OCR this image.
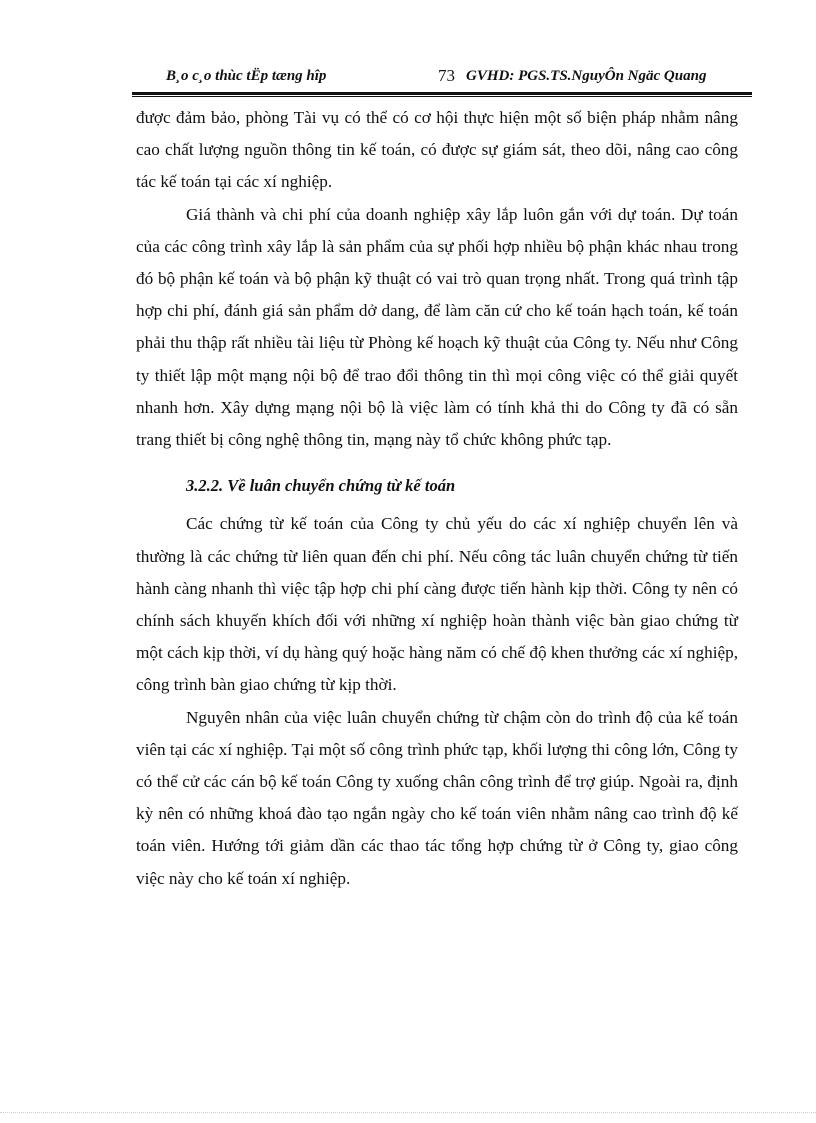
B¸o c¸o thùc tËp tæng hîp	73 GVHD: PGS.TS.NguyÔn Ngäc Quang

được đảm bảo, phòng Tài vụ có thể có cơ hội thực hiện một số biện pháp nhằm nâng cao chất lượng nguồn thông tin kế toán, có được sự giám sát, theo dõi, nâng cao công tác kế toán tại các xí nghiệp.

Giá thành và chi phí của doanh nghiệp xây lắp luôn gắn với dự toán. Dự toán của các công trình xây lắp là sản phẩm của sự phối hợp nhiều bộ phận khác nhau trong đó bộ phận kế toán và bộ phận kỹ thuật có vai trò quan trọng nhất. Trong quá trình tập hợp chi phí, đánh giá sản phẩm dở dang, để làm căn cứ cho kế toán hạch toán, kế toán phải thu thập rất nhiều tài liệu từ Phòng kế hoạch kỹ thuật của Công ty. Nếu như Công ty thiết lập một mạng nội bộ để trao đổi thông tin thì mọi công việc có thể giải quyết nhanh hơn. Xây dựng mạng nội bộ là việc làm có tính khả thi do Công ty đã có sẵn trang thiết bị công nghệ thông tin, mạng này tổ chức không phức tạp.

3.2.2. Về luân chuyển chứng từ kế toán

Các chứng từ kế toán của Công ty chủ yếu do các xí nghiệp chuyển lên và thường là các chứng từ liên quan đến chi phí. Nếu công tác luân chuyển chứng từ tiến hành càng nhanh thì việc tập hợp chi phí càng được tiến hành kịp thời. Công ty nên có chính sách khuyến khích đối với những xí nghiệp hoàn thành việc bàn giao chứng từ một cách kịp thời, ví dụ hàng quý hoặc hàng năm có chế độ khen thưởng các xí nghiệp, công trình bàn giao chứng từ kịp thời.

Nguyên nhân của việc luân chuyển chứng từ chậm còn do trình độ của kế toán viên tại các xí nghiệp. Tại một số công trình phức tạp, khối lượng thi công lớn, Công ty có thể cử các cán bộ kế toán Công ty xuống chân công trình để trợ giúp. Ngoài ra, định kỳ nên có những khoá đào tạo ngắn ngày cho kế toán viên nhằm nâng cao trình độ kế toán viên. Hướng tới giảm dần các thao tác tổng hợp chứng từ ở Công ty, giao công việc này cho kế toán xí nghiệp.
